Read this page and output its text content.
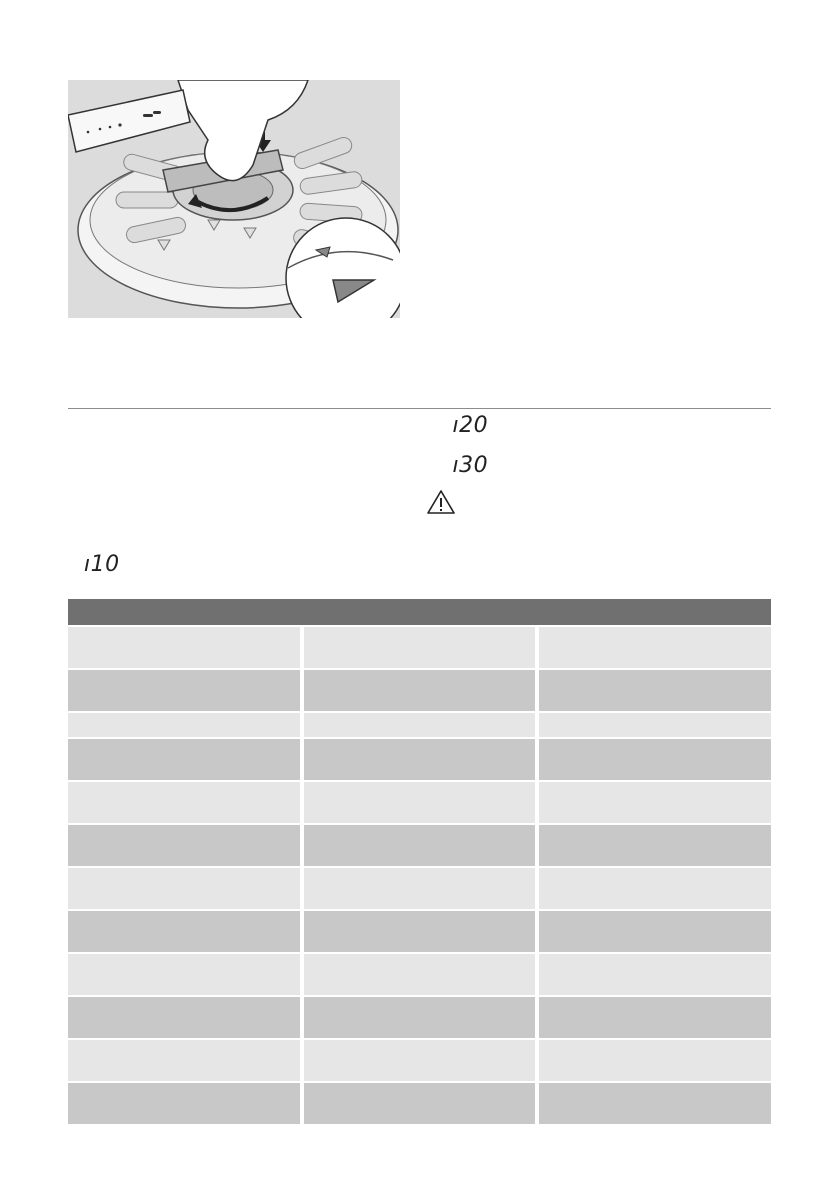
ı20
ı30
ı10
